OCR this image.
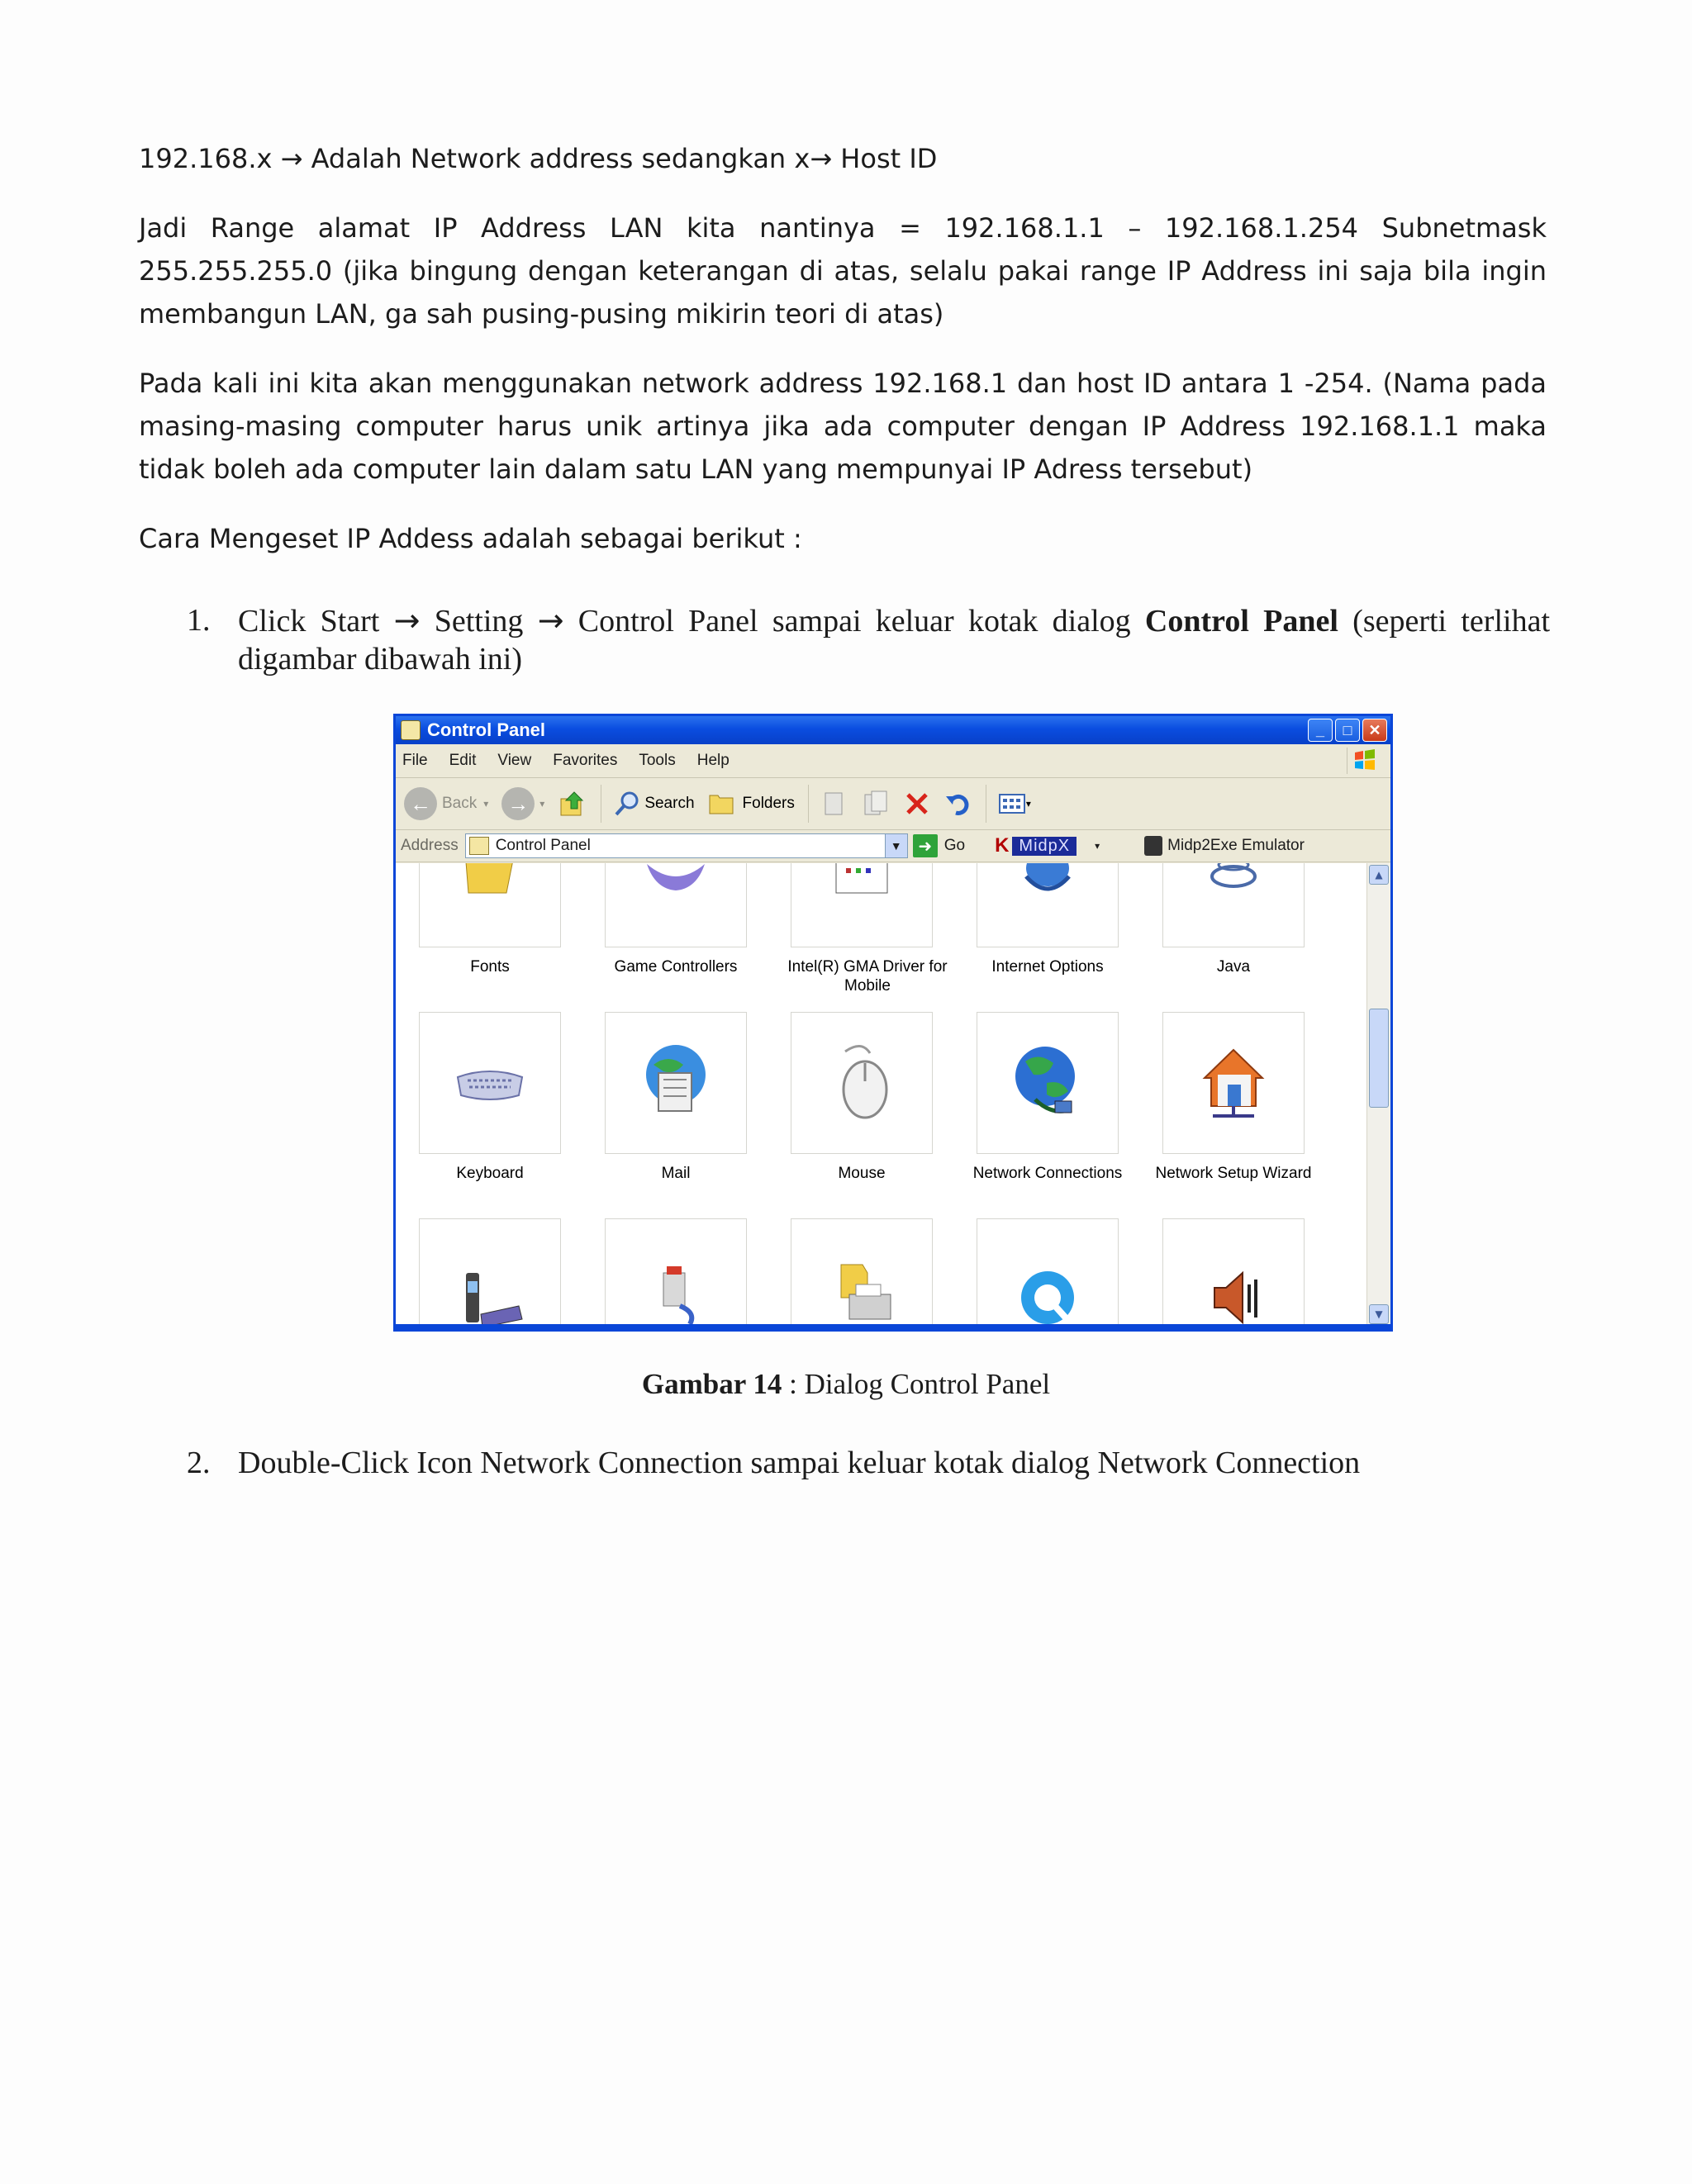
192.168.x → Adalah Network address sedangkan x→ Host ID

Jadi Range alamat IP Address LAN kita nantinya = 192.168.1.1 – 192.168.1.254 Subnetmask 255.255.255.0 (jika bingung dengan keterangan di atas, selalu pakai range IP Address ini saja bila ingin membangun LAN, ga sah pusing-pusing mikirin teori di atas)

Pada kali ini kita akan menggunakan network address 192.168.1 dan host ID antara 1 -254. (Nama pada masing-masing computer harus unik artinya jika ada computer dengan IP Address 192.168.1.1 maka tidak boleh ada computer lain dalam satu LAN yang mempunyai IP Adress tersebut)

Cara Mengeset IP Addess adalah sebagai berikut :

1. Click Start → Setting → Control Panel sampai keluar kotak dialog Control Panel (seperti terlihat digambar dibawah ini)
Control Panel	_	□	✕
File Edit View Favorites Tools Help
← Back ▾ →	▾	Search	Folders	▾
Address Control Panel	▼ ➜ Go K MidpX	▾	Midp2Exe Emulator
Fonts	Game Controllers	Intel(R) GMA Driver for Mobile
Internet Options	Java
Keyboard	Mail	Mouse	Network Connections	Network Setup Wizard
▲
▼
Gambar 14 : Dialog Control Panel
2. Double-Click Icon Network Connection sampai keluar kotak dialog Network Connection
